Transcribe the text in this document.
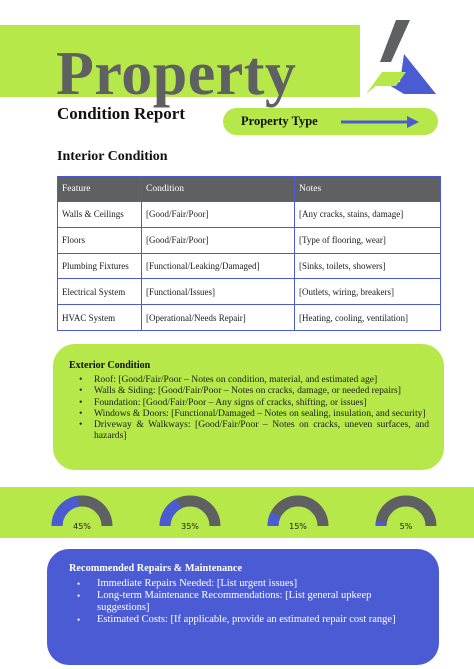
Property
Condition Report	Property Type
Interior Condition
Feature	Condition	Notes
Walls & Ceilings	[Good/Fair/Poor]	[Any cracks, stains, damage]
Floors	[Good/Fair/Poor]	[Type of flooring, wear]
Plumbing Fixtures	[Functional/Leaking/Damaged]	[Sinks, toilets, showers]
Electrical System	[Functional/Issues]	[Outlets, wiring, breakers]
HVAC System	[Operational/Needs Repair]	[Heating, cooling, ventilation]
Exterior Condition
• Roof: [Good/Fair/Poor – Notes on condition, material, and estimated age]
• Walls & Siding: [Good/Fair/Poor – Notes on cracks, damage, or needed repairs]
• Foundation: [Good/Fair/Poor – Any signs of cracks, shifting, or issues]
• Windows & Doors: [Functional/Damaged – Notes on sealing, insulation, and security]
• Driveway & Walkways: [Good/Fair/Poor – Notes on cracks, uneven surfaces, and hazards]
45%	35%	15%	5%
Recommended Repairs & Maintenance
• Immediate Repairs Needed: [List urgent issues]
• Long-term Maintenance Recommendations: [List general upkeep suggestions]
• Estimated Costs: [If applicable, provide an estimated repair cost range]
